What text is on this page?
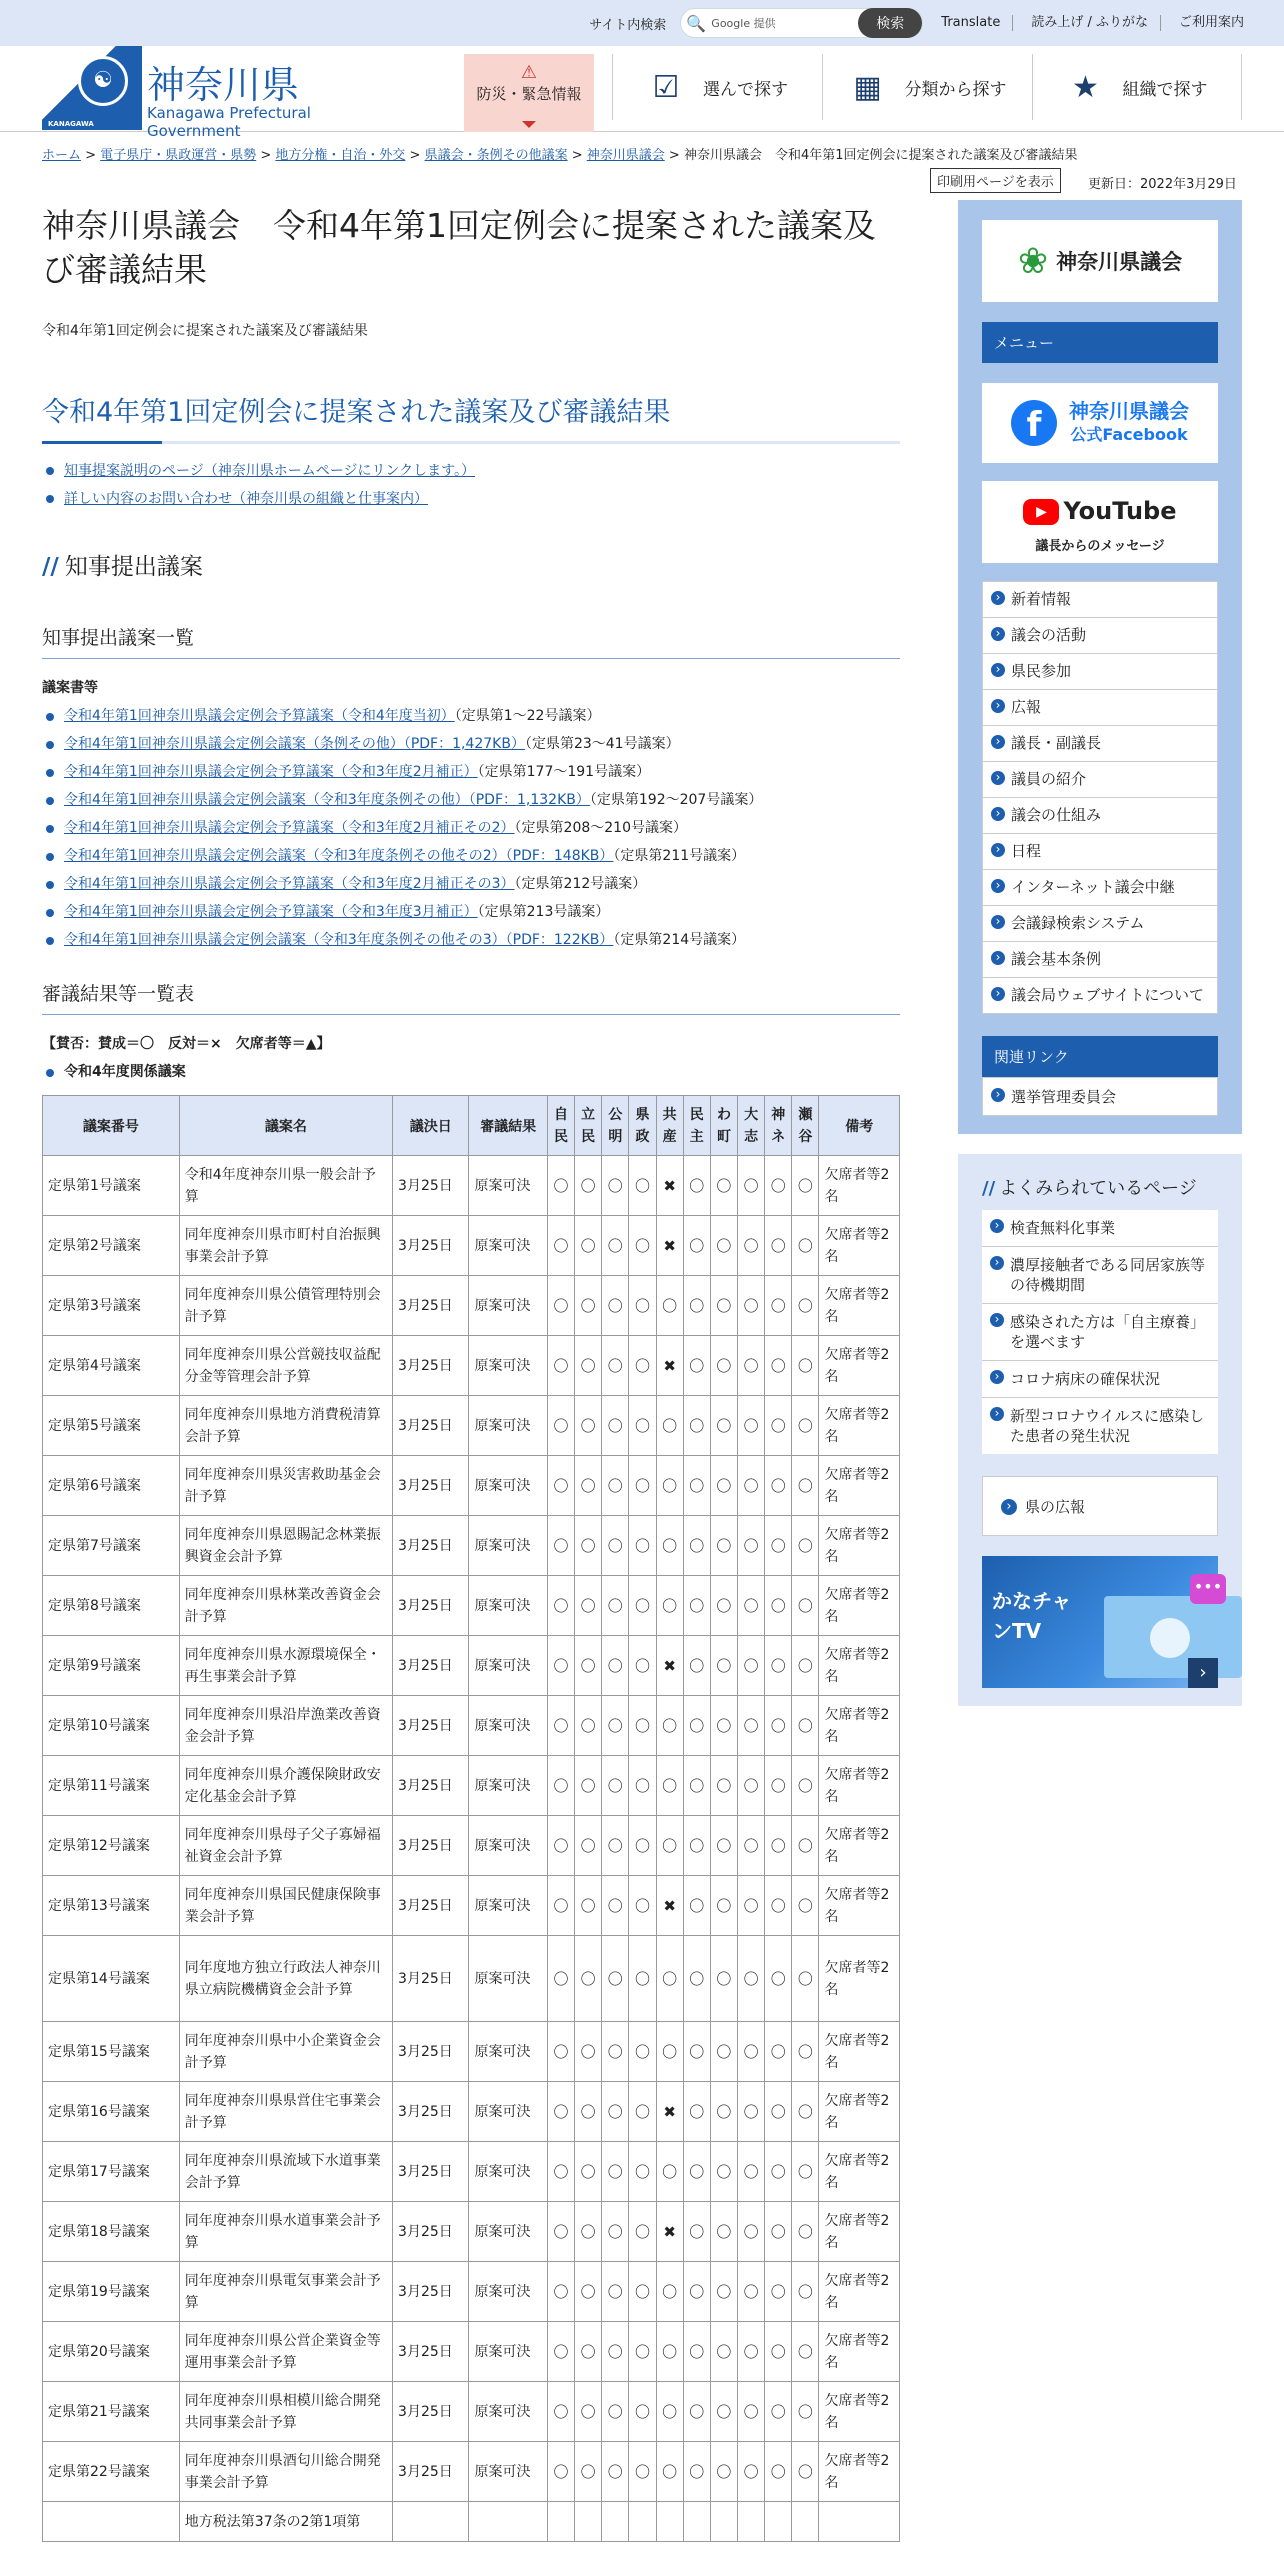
サイト内検索	🔍 Google 提供	検索	Translate	読み上げ / ふりがな	ご利用案内
☯
KANAGAWA
神奈川県
Kanagawa Prefectural Government
⚠
防災・緊急情報	☑	選んで探す ▦ 分類から探す ★	組織で探す
ホーム > 電子県庁・県政運営・県勢 > 地方分権・自治・外交 > 県議会・条例その他議案 > 神奈川県議会 > 神奈川県議会　令和4年第1回定例会に提案された議案及び審議結果
印刷用ページを表示	更新日：2022年3月29日
神奈川県議会　令和4年第1回定例会に提案された議案及び審議結果

令和4年第1回定例会に提案された議案及び審議結果

令和4年第1回定例会に提案された議案及び審議結果
知事提案説明のページ（神奈川県ホームページにリンクします。）
詳しい内容のお問い合わせ（神奈川県の組織と仕事案内）
// 知事提出議案
知事提出議案一覧
議案書等
令和4年第1回神奈川県議会定例会予算議案（令和4年度当初）（定県第1～22号議案）
令和4年第1回神奈川県議会定例会議案（条例その他）（PDF：1,427KB）（定県第23～41号議案）
令和4年第1回神奈川県議会定例会予算議案（令和3年度2月補正）（定県第177～191号議案）
令和4年第1回神奈川県議会定例会議案（令和3年度条例その他）（PDF：1,132KB）（定県第192～207号議案）
令和4年第1回神奈川県議会定例会予算議案（令和3年度2月補正その2）（定県第208～210号議案）
令和4年第1回神奈川県議会定例会議案（令和3年度条例その他その2）（PDF：148KB）（定県第211号議案）
令和4年第1回神奈川県議会定例会予算議案（令和3年度2月補正その3）（定県第212号議案）
令和4年第1回神奈川県議会定例会予算議案（令和3年度3月補正）（定県第213号議案）
令和4年第1回神奈川県議会定例会議案（令和3年度条例その他その3）（PDF：122KB）（定県第214号議案）
審議結果等一覧表
【賛否：賛成＝〇　反対＝×　欠席者等＝▲】
令和4年度関係議案
議案番号	議案名	議決日	審議結果	自民	立民	公明	県政	共産	民主	わ町	大志	神ネ	瀬谷	備考
定県第1号議案	令和4年度神奈川県一般会計予算	3月25日	原案可決	〇	〇	〇	〇	✖	〇	〇	〇	〇	〇	欠席者等2名
定県第2号議案	同年度神奈川県市町村自治振興事業会計予算	3月25日	原案可決	〇	〇	〇	〇	✖	〇	〇	〇	〇	〇	欠席者等2名
定県第3号議案	同年度神奈川県公債管理特別会計予算	3月25日	原案可決	〇	〇	〇	〇	〇	〇	〇	〇	〇	〇	欠席者等2名
定県第4号議案	同年度神奈川県公営競技収益配分金等管理会計予算	3月25日	原案可決	〇	〇	〇	〇	✖	〇	〇	〇	〇	〇	欠席者等2名
定県第5号議案	同年度神奈川県地方消費税清算会計予算	3月25日	原案可決	〇	〇	〇	〇	〇	〇	〇	〇	〇	〇	欠席者等2名
定県第6号議案	同年度神奈川県災害救助基金会計予算	3月25日	原案可決	〇	〇	〇	〇	〇	〇	〇	〇	〇	〇	欠席者等2名
定県第7号議案	同年度神奈川県恩賜記念林業振興資金会計予算	3月25日	原案可決	〇	〇	〇	〇	〇	〇	〇	〇	〇	〇	欠席者等2名
定県第8号議案	同年度神奈川県林業改善資金会計予算	3月25日	原案可決	〇	〇	〇	〇	〇	〇	〇	〇	〇	〇	欠席者等2名
定県第9号議案	同年度神奈川県水源環境保全・再生事業会計予算	3月25日	原案可決	〇	〇	〇	〇	✖	〇	〇	〇	〇	〇	欠席者等2名
定県第10号議案	同年度神奈川県沿岸漁業改善資金会計予算	3月25日	原案可決	〇	〇	〇	〇	〇	〇	〇	〇	〇	〇	欠席者等2名
定県第11号議案	同年度神奈川県介護保険財政安定化基金会計予算	3月25日	原案可決	〇	〇	〇	〇	〇	〇	〇	〇	〇	〇	欠席者等2名
定県第12号議案	同年度神奈川県母子父子寡婦福祉資金会計予算	3月25日	原案可決	〇	〇	〇	〇	〇	〇	〇	〇	〇	〇	欠席者等2名
定県第13号議案	同年度神奈川県国民健康保険事業会計予算	3月25日	原案可決	〇	〇	〇	〇	✖	〇	〇	〇	〇	〇	欠席者等2名
定県第14号議案	同年度地方独立行政法人神奈川県立病院機構資金会計予算	3月25日	原案可決	〇	〇	〇	〇	〇	〇	〇	〇	〇	〇	欠席者等2名
定県第15号議案	同年度神奈川県中小企業資金会計予算	3月25日	原案可決	〇	〇	〇	〇	〇	〇	〇	〇	〇	〇	欠席者等2名
定県第16号議案	同年度神奈川県県営住宅事業会計予算	3月25日	原案可決	〇	〇	〇	〇	✖	〇	〇	〇	〇	〇	欠席者等2名
定県第17号議案	同年度神奈川県流域下水道事業会計予算	3月25日	原案可決	〇	〇	〇	〇	〇	〇	〇	〇	〇	〇	欠席者等2名
定県第18号議案	同年度神奈川県水道事業会計予算	3月25日	原案可決	〇	〇	〇	〇	✖	〇	〇	〇	〇	〇	欠席者等2名
定県第19号議案	同年度神奈川県電気事業会計予算	3月25日	原案可決	〇	〇	〇	〇	〇	〇	〇	〇	〇	〇	欠席者等2名
定県第20号議案	同年度神奈川県公営企業資金等運用事業会計予算	3月25日	原案可決	〇	〇	〇	〇	〇	〇	〇	〇	〇	〇	欠席者等2名
定県第21号議案	同年度神奈川県相模川総合開発共同事業会計予算	3月25日	原案可決	〇	〇	〇	〇	〇	〇	〇	〇	〇	〇	欠席者等2名
定県第22号議案	同年度神奈川県酒匂川総合開発事業会計予算	3月25日	原案可決	〇	〇	〇	〇	〇	〇	〇	〇	〇	〇	欠席者等2名
	地方税法第37条の2第1項第													
❀ 神奈川県議会
メニュー
f	神奈川県議会
公式Facebook
▶ YouTube
議長からのメッセージ
› 新着情報
› 議会の活動
› 県民参加
› 広報
› 議長・副議長
› 議員の紹介
› 議会の仕組み
› 日程
› インターネット議会中継
› 会議録検索システム
› 議会基本条例
› 議会局ウェブサイトについて
関連リンク
› 選挙管理委員会
// よくみられているページ
› 検査無料化事業
› 濃厚接触者である同居家族等の待機期間
› 感染された方は「自主療養」を選べます
› コロナ病床の確保状況
› 新型コロナウイルスに感染した患者の発生状況
› 県の広報
かなチャンTV
•••
›
